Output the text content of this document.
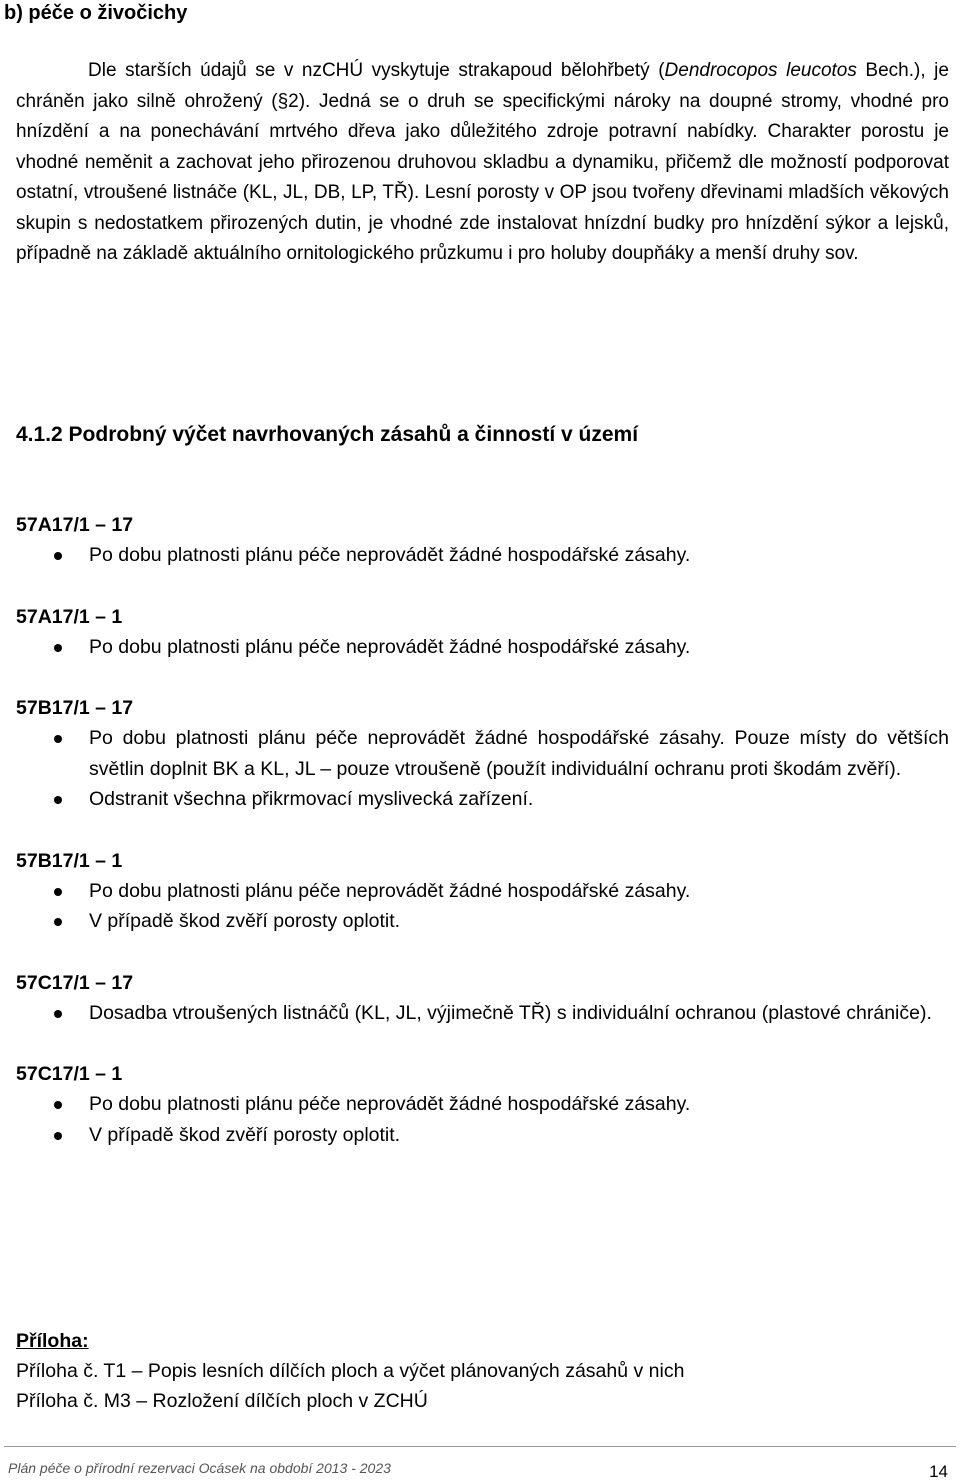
b) péče o živočichy
Dle starších údajů se v nzCHÚ vyskytuje strakapoud bělohřbetý (Dendrocopos leucotos Bech.), je chráněn jako silně ohrožený (§2). Jedná se o druh se specifickými nároky na doupné stromy, vhodné pro hnízdění a na ponechávání mrtvého dřeva jako důležitého zdroje potravní nabídky. Charakter porostu je vhodné neměnit a zachovat jeho přirozenou druhovou skladbu a dynamiku, přičemž dle možností podporovat ostatní, vtroušené listnáče (KL, JL, DB, LP, TŘ). Lesní porosty v OP jsou tvořeny dřevinami mladších věkových skupin s nedostatkem přirozených dutin, je vhodné zde instalovat hnízdní budky pro hnízdění sýkor a lejsků, případně na základě aktuálního ornitologického průzkumu i pro holuby doupňáky a menší druhy sov.
4.1.2 Podrobný výčet navrhovaných zásahů a činností v území
57A17/1 – 17
Po dobu platnosti plánu péče neprovádět žádné hospodářské zásahy.
57A17/1 – 1
Po dobu platnosti plánu péče neprovádět žádné hospodářské zásahy.
57B17/1 – 17
Po dobu platnosti plánu péče neprovádět žádné hospodářské zásahy. Pouze místy do větších světlin doplnit BK a KL, JL – pouze vtroušeně (použít individuální ochranu proti škodám zvěří).
Odstranit všechna přikrmovací myslivecká zařízení.
57B17/1 – 1
Po dobu platnosti plánu péče neprovádět žádné hospodářské zásahy.
V případě škod zvěří porosty oplotit.
57C17/1 – 17
Dosadba vtroušených listnáčů (KL, JL, výjimečně TŘ) s individuální ochranou (plastové chrániče).
57C17/1 – 1
Po dobu platnosti plánu péče neprovádět žádné hospodářské zásahy.
V případě škod zvěří porosty oplotit.
Příloha:
Příloha č. T1 – Popis lesních dílčích ploch a výčet plánovaných zásahů v nich
Příloha č. M3 – Rozložení dílčích ploch v ZCHÚ
Plán péče o přírodní rezervaci Ocásek na období 2013 - 2023	14
